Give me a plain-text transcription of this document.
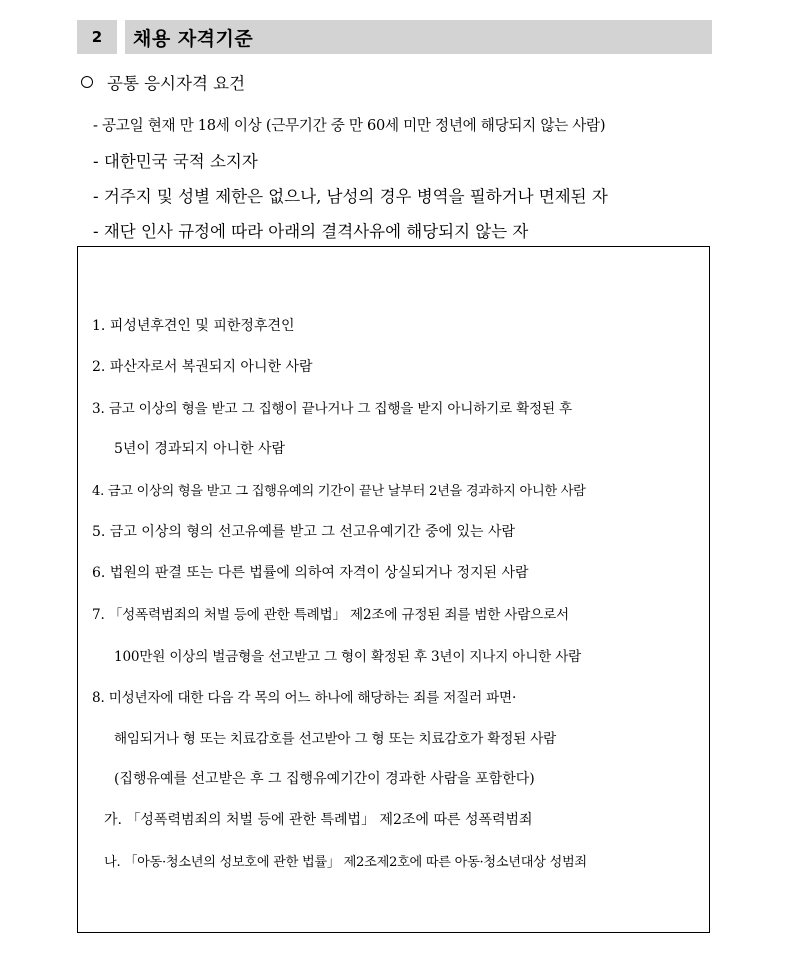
2	채용 자격기준
공통 응시자격 요건
- 공고일 현재 만 18세 이상 (근무기간 중 만 60세 미만 정년에 해당되지 않는 사람)
- 대한민국 국적 소지자
- 거주지 및 성별 제한은 없으나, 남성의 경우 병역을 필하거나 면제된 자
- 재단 인사 규정에 따라 아래의 결격사유에 해당되지 않는 자
1. 피성년후견인 및 피한정후견인
2. 파산자로서 복권되지 아니한 사람
3. 금고 이상의 형을 받고 그 집행이 끝나거나 그 집행을 받지 아니하기로 확정된 후
5년이 경과되지 아니한 사람
4. 금고 이상의 형을 받고 그 집행유예의 기간이 끝난 날부터 2년을 경과하지 아니한 사람
5. 금고 이상의 형의 선고유예를 받고 그 선고유예기간 중에 있는 사람
6. 법원의 판결 또는 다른 법률에 의하여 자격이 상실되거나 정지된 사람
7. 「성폭력범죄의 처벌 등에 관한 특례법」 제2조에 규정된 죄를 범한 사람으로서
100만원 이상의 벌금형을 선고받고 그 형이 확정된 후 3년이 지나지 아니한 사람
8. 미성년자에 대한 다음 각 목의 어느 하나에 해당하는 죄를 저질러 파면·
해임되거나 형 또는 치료감호를 선고받아 그 형 또는 치료감호가 확정된 사람
(집행유예를 선고받은 후 그 집행유예기간이 경과한 사람을 포함한다)
가. 「성폭력범죄의 처벌 등에 관한 특례법」 제2조에 따른 성폭력범죄
나. 「아동·청소년의 성보호에 관한 법률」 제2조제2호에 따른 아동·청소년대상 성범죄
